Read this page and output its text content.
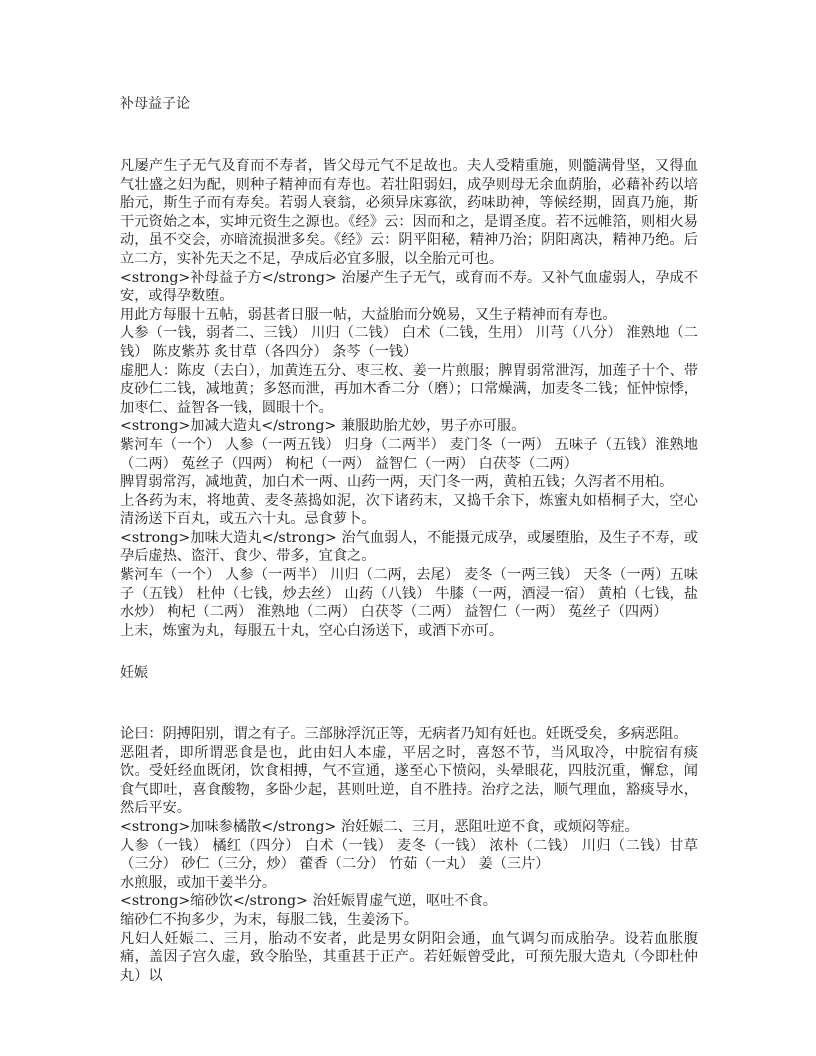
补母益子论

凡屡产生子无气及育而不寿者，皆父母元气不足故也。夫人受精重施，则髓满骨坚，又得血气壮盛之妇为配，则种子精神而有寿也。若壮阳弱妇，成孕则母无余血荫胎，必藉补药以培胎元，斯生子而有寿矣。若弱人衰翁，必须异床寡欲，药味助神，等候经期，固真乃施，斯干元资始之本，实坤元资生之源也。《经》云：因而和之，是谓圣度。若不远帷箔，则相火易动，虽不交会，亦暗流损泄多矣。《经》云：阴平阳秘，精神乃治；阴阳离决，精神乃绝。后立二方，实补先天之不足，孕成后必宜多服，以全胎元可也。

<strong>补母益子方</strong> 治屡产生子无气，或育而不寿。又补气血虚弱人，孕成不安，或得孕数堕。

用此方每服十五帖，弱甚者日服一帖，大益胎而分娩易，又生子精神而有寿也。

人参（一钱，弱者二、三钱） 川归（二钱） 白术（二钱，生用） 川芎（八分） 淮熟地（二钱） 陈皮紫苏 炙甘草（各四分） 条芩（一钱）

虚肥人：陈皮（去白），加黄连五分、枣三枚、姜一片煎服；脾胃弱常泄泻，加莲子十个、带皮砂仁二钱，减地黄；多怒而泄，再加木香二分（磨）；口常燥满，加麦冬二钱；怔忡惊悸，加枣仁、益智各一钱，圆眼十个。

<strong>加减大造丸</strong> 兼服助胎尤妙，男子亦可服。

紫河车（一个） 人参（一两五钱） 归身（二两半） 麦门冬（一两） 五味子（五钱）淮熟地（二两） 菟丝子（四两） 枸杞（一两） 益智仁（一两） 白茯苓（二两）

脾胃弱常泻，减地黄，加白术一两、山药一两，天门冬一两，黄柏五钱；久泻者不用柏。

上各药为末，将地黄、麦冬蒸捣如泥，次下诸药末，又捣千余下，炼蜜丸如梧桐子大，空心清汤送下百丸，或五六十丸。忌食萝卜。

<strong>加味大造丸</strong> 治气血弱人，不能摄元成孕，或屡堕胎，及生子不寿，或孕后虚热、盗汗、食少、带多，宜食之。

紫河车（一个） 人参（一两半） 川归（二两，去尾） 麦冬（一两三钱） 天冬（一两）五味子（五钱） 杜仲（七钱，炒去丝） 山药（八钱） 牛膝（一两，酒浸一宿） 黄柏（七钱，盐水炒） 枸杞（二两） 淮熟地（二两） 白茯苓（二两） 益智仁（一两） 菟丝子（四两）

上末，炼蜜为丸，每服五十丸，空心白汤送下，或酒下亦可。

妊娠

论曰：阴搏阳别，谓之有子。三部脉浮沉正等，无病者乃知有妊也。妊既受矣，多病恶阻。

恶阻者，即所谓恶食是也，此由妇人本虚，平居之时，喜怒不节，当风取冷，中脘宿有痰饮。受妊经血既闭，饮食相搏，气不宣通，遂至心下愤闷，头晕眼花，四肢沉重，懈怠，闻食气即吐，喜食酸物，多卧少起，甚则吐逆，自不胜持。治疗之法，顺气理血，豁痰导水，然后平安。

<strong>加味参橘散</strong> 治妊娠二、三月，恶阻吐逆不食，或烦闷等症。

人参（一钱） 橘红（四分） 白术（一钱） 麦冬（一钱） 浓朴（二钱） 川归（二钱）甘草（三分） 砂仁（三分，炒） 藿香（二分） 竹茹（一丸） 姜（三片）

水煎服，或加干姜半分。

<strong>缩砂饮</strong> 治妊娠胃虚气逆，呕吐不食。

缩砂仁不拘多少，为末，每服二钱，生姜汤下。

凡妇人妊娠二、三月，胎动不安者，此是男女阴阳会通，血气调匀而成胎孕。设若血胀腹痛，盖因子宫久虚，致令胎坠，其重甚于正产。若妊娠曾受此，可预先服大造丸（今即杜仲丸）以
